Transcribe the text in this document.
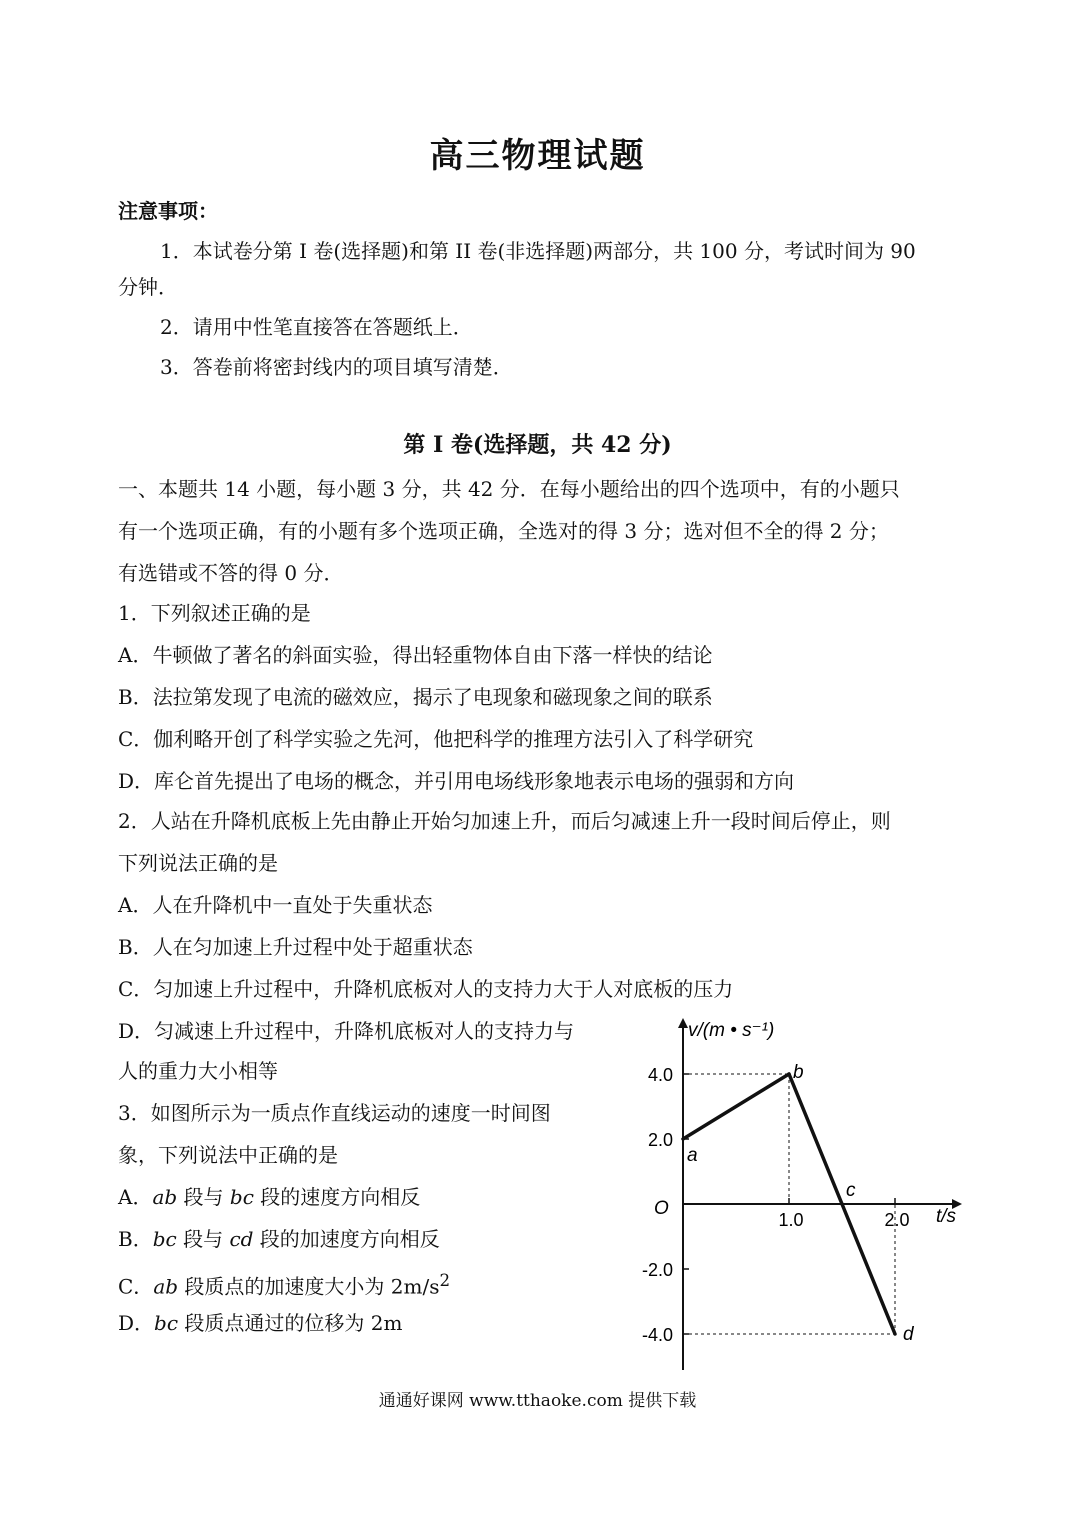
高三物理试题
注意事项：
1．本试卷分第 I 卷(选择题)和第 II 卷(非选择题)两部分，共 100 分，考试时间为 90
分钟．
2．请用中性笔直接答在答题纸上．
3．答卷前将密封线内的项目填写清楚．
第 I 卷(选择题，共 42 分)
一、本题共 14 小题，每小题 3 分，共 42 分．在每小题给出的四个选项中，有的小题只
有一个选项正确，有的小题有多个选项正确，全选对的得 3 分；选对但不全的得 2 分；
有选错或不答的得 0 分．
1．下列叙述正确的是
A．牛顿做了著名的斜面实验，得出轻重物体自由下落一样快的结论
B．法拉第发现了电流的磁效应，揭示了电现象和磁现象之间的联系
C．伽利略开创了科学实验之先河，他把科学的推理方法引入了科学研究
D．库仑首先提出了电场的概念，并引用电场线形象地表示电场的强弱和方向
2．人站在升降机底板上先由静止开始匀加速上升，而后匀减速上升一段时间后停止，则
下列说法正确的是
A．人在升降机中一直处于失重状态
B．人在匀加速上升过程中处于超重状态
C．匀加速上升过程中，升降机底板对人的支持力大于人对底板的压力
D．匀减速上升过程中，升降机底板对人的支持力与
人的重力大小相等
3．如图所示为一质点作直线运动的速度一时间图
象，下列说法中正确的是
A．ab 段与 bc 段的速度方向相反
B．bc 段与 cd 段的加速度方向相反
C．ab 段质点的加速度大小为 $2m/s^2$
D．bc 段质点通过的位移为 2m
4.0
2.0
-2.0
-4.0
1.0	2.0
a
b
c
d
v/(m • s⁻¹)
t/s
O
通通好课网 www.tthaoke.com 提供下载
